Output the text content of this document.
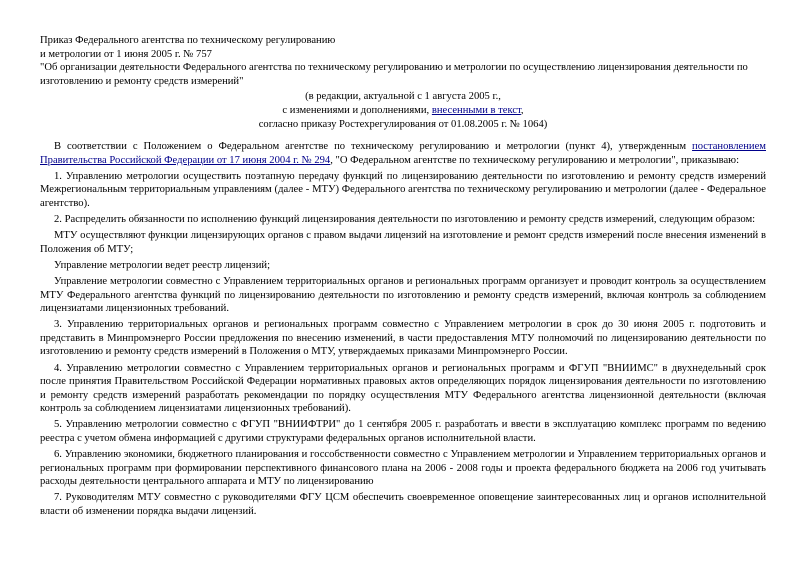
Приказ Федерального агентства по техническому регулированию

и метрологии от 1 июня 2005 г. № 757

"Об организации деятельности Федерального агентства по техническому регулированию и метрологии по осуществлению лицензирования деятельности по изготовлению и ремонту средств измерений"

(в редакции, актуальной с 1 августа 2005 г.,

с изменениями и дополнениями, внесенными в текст,

согласно приказу Ростехрегулирования от 01.08.2005 г. № 1064)

В соответствии с Положением о Федеральном агентстве по техническому регулированию и метрологии (пункт 4), утвержденным постановлением Правительства Российской Федерации от 17 июня 2004 г. № 294, "О Федеральном агентстве по техническому регулированию и метрологии", приказываю:

1. Управлению метрологии осуществить поэтапную передачу функций по лицензированию деятельности по изготовлению и ремонту средств измерений Межрегиональным территориальным управлениям (далее - МТУ) Федерального агентства по техническому регулированию и метрологии (далее - Федеральное агентство).

2. Распределить обязанности по исполнению функций лицензирования деятельности по изготовлению и ремонту средств измерений, следующим образом:

МТУ осуществляют функции лицензирующих органов с правом выдачи лицензий на изготовление и ремонт средств измерений после внесения изменений в Положения об МТУ;

Управление метрологии ведет реестр лицензий;

Управление метрологии совместно с Управлением территориальных органов и региональных программ организует и проводит контроль за осуществлением МТУ Федерального агентства функций по лицензированию деятельности по изготовлению и ремонту средств измерений, включая контроль за соблюдением лицензиатами лицензионных требований.

3. Управлению территориальных органов и региональных программ совместно с Управлением метрологии в срок до 30 июня 2005 г. подготовить и представить в Минпромэнерго России предложения по внесению изменений, в части предоставления МТУ полномочий по лицензированию деятельности по изготовлению и ремонту средств измерений в Положения о МТУ, утверждаемых приказами Минпромэнерго России.

4. Управлению метрологии совместно с Управлением территориальных органов и региональных программ и ФГУП "ВНИИМС" в двухнедельный срок после принятия Правительством Российской Федерации нормативных правовых актов определяющих порядок лицензирования деятельности по изготовлению и ремонту средств измерений разработать рекомендации по порядку осуществления МТУ Федерального агентства лицензионной деятельности (включая контроль за соблюдением лицензиатами лицензионных требований).

5. Управлению метрологии совместно с ФГУП "ВНИИФТРИ" до 1 сентября 2005 г. разработать и ввести в эксплуатацию комплекс программ по ведению реестра с учетом обмена информацией с другими структурами федеральных органов исполнительной власти.

6. Управлению экономики, бюджетного планирования и госсобственности совместно с Управлением метрологии и Управлением территориальных органов и региональных программ при формировании перспективного финансового плана на 2006 - 2008 годы и проекта федерального бюджета на 2006 год учитывать расходы деятельности центрального аппарата и МТУ по лицензированию

7. Руководителям МТУ совместно с руководителями ФГУ ЦСМ обеспечить своевременное оповещение заинтересованных лиц и органов исполнительной власти об изменении порядка выдачи лицензий.
